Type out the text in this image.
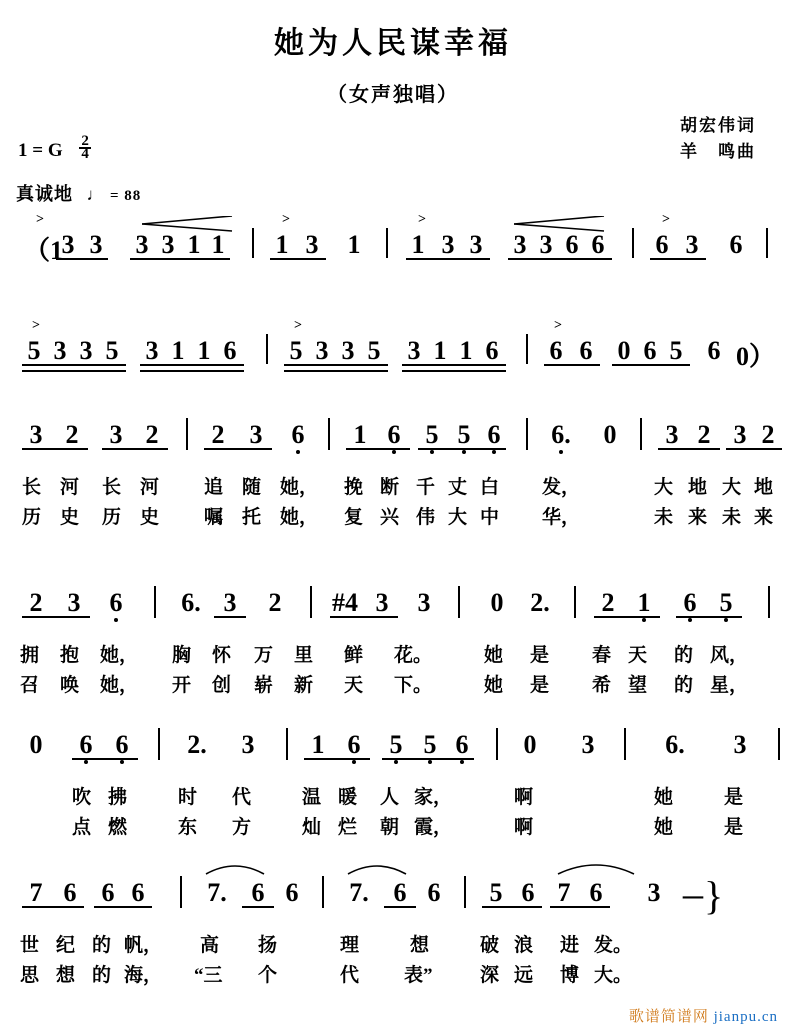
她为人民谋幸福
（女声独唱）
胡宏伟词
羊　鸣曲
1 = G $\frac{2}{4}$
真诚地 ♩ = 88
>
（1
3 3 3 3 1 1
>
1 3 1
>
1 3 3 3 3 6 6
>
6 3 6
>
5 3 3 5 3 1 1 6
>
5 3 3 5 3 1 1 6
>
6 6 0 6 5 6 0）
3 2 3 2 2 3 6 1 6 5 5 6 6. 0 3 2 3 2
长 河 长 河 追 随 她， 挽 断 千 丈 白 发，	大 地 大 地
历 史 历 史 嘱 托 她， 复 兴 伟 大 中 华，	未 来 未 来
2 3 6 6. 3	2	#4 3 3	0	2. 2 1 6 5
拥 抱 她， 胸 怀 万 里 鲜 花。	她 是 春 天 的 风，
召 唤 她， 开 创 崭 新 天 下。	她 是 希 望 的 星，
0 6 6 2. 3 1 6 5 5 6 0 3	6. 3
吹 拂	时 代	温 暖 人 家，	啊	她	是
点 燃	东 方	灿 烂 朝 霞，	啊	她	是
7 6 6 6 7. 6 6 7. 6 6 5 6 7 6 3 －
}
世 纪 的 帆， 高 扬	理	想	破 浪 进 发。
思 想 的 海， “三 个	代 表” 深 远 博 大。
歌谱简谱网 jianpu.cn
